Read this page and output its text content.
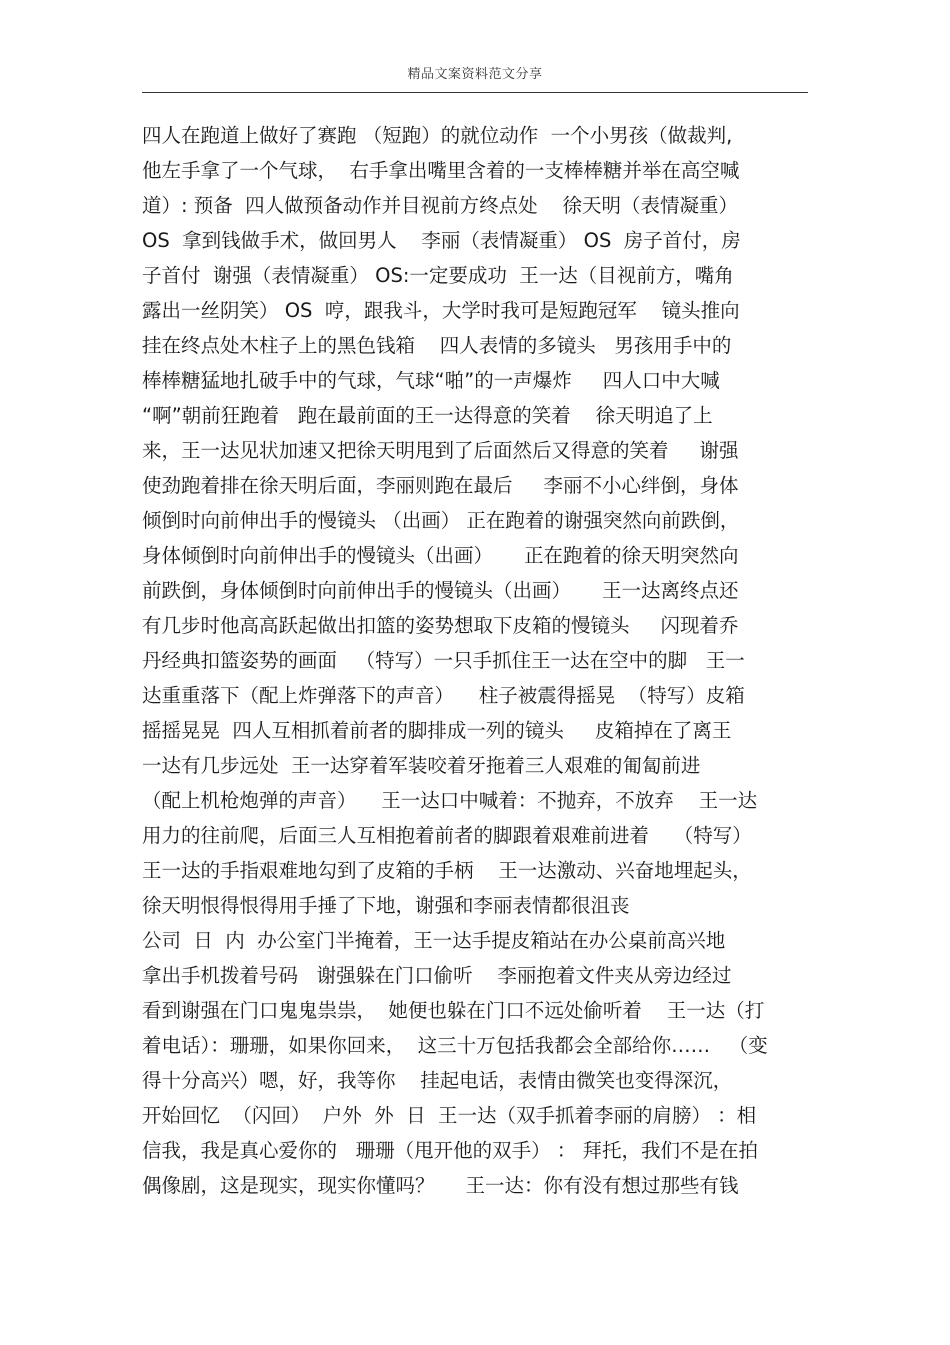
精品文案资料范文分享
四人在跑道上做好了赛跑 （短跑）的就位动作  一个小男孩（做裁判,
他左手拿了一个气球，  右手拿出嘴里含着的一支棒棒糖并举在高空喊
道）: 预备  四人做预备动作并目视前方终点处    徐天明（表情凝重）
OS  拿到钱做手术，做回男人    李丽（表情凝重） OS  房子首付，房
子首付  谢强（表情凝重） OS:一定要成功  王一达（目视前方，嘴角
露出一丝阴笑） OS  哼，跟我斗，大学时我可是短跑冠军    镜头推向
挂在终点处木柱子上的黑色钱箱    四人表情的多镜头   男孩用手中的
棒棒糖猛地扎破手中的气球，气球“啪”的一声爆炸     四人口中大喊
“啊”朝前狂跑着   跑在最前面的王一达得意的笑着    徐天明追了上
来，王一达见状加速又把徐天明甩到了后面然后又得意的笑着     谢强
使劲跑着排在徐天明后面，李丽则跑在最后     李丽不小心绊倒，身体
倾倒时向前伸出手的慢镜头 （出画） 正在跑着的谢强突然向前跌倒，
身体倾倒时向前伸出手的慢镜头（出画）     正在跑着的徐天明突然向
前跌倒，身体倾倒时向前伸出手的慢镜头（出画）     王一达离终点还
有几步时他高高跃起做出扣篮的姿势想取下皮箱的慢镜头     闪现着乔
丹经典扣篮姿势的画面   （特写）一只手抓住王一达在空中的脚   王一
达重重落下（配上炸弹落下的声音）    柱子被震得摇晃  （特写）皮箱
摇摇晃晃  四人互相抓着前者的脚排成一列的镜头     皮箱掉在了离王
一达有几步远处  王一达穿着军装咬着牙拖着三人艰难的匍匐前进
（配上机枪炮弹的声音）    王一达口中喊着：不抛弃，不放弃    王一达
用力的往前爬，后面三人互相抱着前者的脚跟着艰难前进着    （特写）
王一达的手指艰难地勾到了皮箱的手柄    王一达激动、兴奋地埋起头，
徐天明恨得恨得用手捶了下地，谢强和李丽表情都很沮丧
公司  日  内  办公室门半掩着，王一达手提皮箱站在办公桌前高兴地
拿出手机拨着号码   谢强躲在门口偷听    李丽抱着文件夹从旁边经过
看到谢强在门口鬼鬼祟祟，  她便也躲在门口不远处偷听着    王一达（打
着电话）：珊珊，如果你回来，  这三十万包括我都会全部给你……   （变
得十分高兴）嗯，好，我等你    挂起电话，表情由微笑也变得深沉，
开始回忆  （闪回）  户外  外  日  王一达（双手抓着李丽的肩膀） ：相
信我，我是真心爱你的   珊珊（甩开他的双手） ： 拜托，我们不是在拍
偶像剧，这是现实，现实你懂吗？     王一达：你有没有想过那些有钱
